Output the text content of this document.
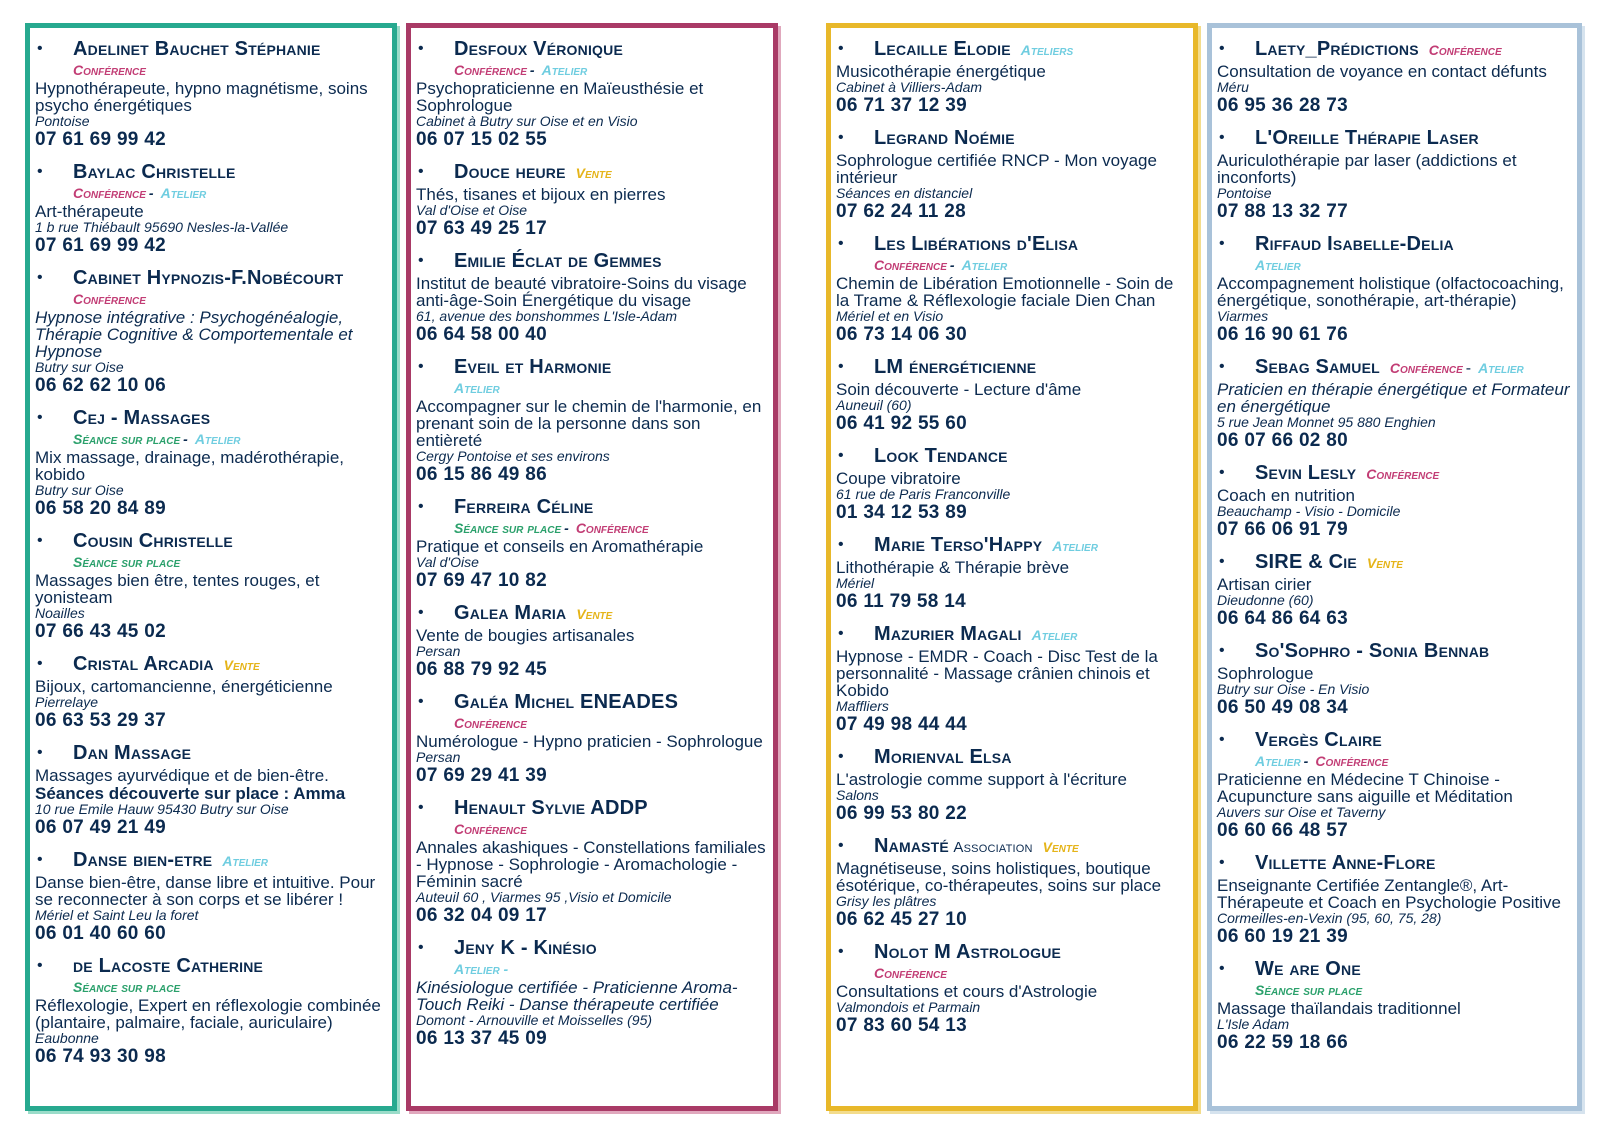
• Adelinet Bauchet Stéphanie
Conférence
Hypnothérapeute, hypno magnétisme, soins psycho énergétiques
Pontoise
07 61 69 99 42
• Baylac Christelle
Conférence - Atelier
Art-thérapeute
1 b rue Thiébault 95690 Nesles-la-Vallée
07 61 69 99 42
• Cabinet Hypnozis-F.Nobécourt
Conférence
Hypnose intégrative : Psychogénéalogie, Thérapie Cognitive & Comportementale et Hypnose
Butry sur Oise
06 62 62 10 06
• Cej - Massages
Séance sur place - Atelier
Mix massage, drainage, madérothérapie, kobido
Butry sur Oise
06 58 20 84 89
• Cousin Christelle
Séance sur place
Massages bien être, tentes rouges, et yonisteam
Noailles
07 66 43 45 02
• Cristal Arcadia Vente
Bijoux, cartomancienne, énergéticienne
Pierrelaye
06 63 53 29 37
• Dan Massage
Massages ayurvédique et de bien-être.
Séances découverte sur place : Amma
10 rue Emile Hauw 95430 Butry sur Oise
06 07 49 21 49
• Danse bien-etre Atelier
Danse bien-être, danse libre et intuitive. Pour se reconnecter à son corps et se libérer !
Mériel et Saint Leu la foret
06 01 40 60 60
• de Lacoste Catherine
Séance sur place
Réflexologie, Expert en réflexologie combinée (plantaire, palmaire, faciale, auriculaire)
Eaubonne
06 74 93 30 98
• Desfoux Véronique
Conférence - Atelier
Psychopraticienne en Maïeusthésie et Sophrologue
Cabinet à Butry sur Oise et en Visio
06 07 15 02 55
• Douce heure Vente
Thés, tisanes et bijoux en pierres
Val d'Oise et Oise
07 63 49 25 17
• Emilie Éclat de Gemmes
Institut de beauté vibratoire-Soins du visage anti-âge-Soin Énergétique du visage
61, avenue des bonshommes L'Isle-Adam
06 64 58 00 40
• Eveil et Harmonie
Atelier
Accompagner sur le chemin de l'harmonie, en prenant soin de la personne dans son entièreté
Cergy Pontoise et ses environs
06 15 86 49 86
• Ferreira Céline
Séance sur place - Conférence
Pratique et conseils en Aromathérapie
Val d'Oise
07 69 47 10 82
• Galea Maria Vente
Vente de bougies artisanales
Persan
06 88 79 92 45
• Galéa Michel ENEADES
Conférence
Numérologue - Hypno praticien - Sophrologue
Persan
07 69 29 41 39
• Henault Sylvie ADDP
Conférence
Annales akashiques - Constellations familiales - Hypnose - Sophrologie - Aromachologie - Féminin sacré
Auteuil 60 , Viarmes 95 ,Visio et Domicile
06 32 04 09 17
• Jeny K - Kinésio
Atelier -
Kinésiologue certifiée - Praticienne Aroma-Touch Reiki - Danse thérapeute certifiée
Domont - Arnouville et Moisselles (95)
06 13 37 45 09
• Lecaille Elodie Ateliers
Musicothérapie énergétique
Cabinet à Villiers-Adam
06 71 37 12 39
• Legrand Noémie
Sophrologue certifiée RNCP - Mon voyage intérieur
Séances en distanciel
07 62 24 11 28
• Les Libérations d'Elisa
Conférence - Atelier
Chemin de Libération Emotionnelle - Soin de la Trame & Réflexologie faciale Dien Chan
Mériel et en Visio
06 73 14 06 30
• LM énergéticienne
Soin découverte - Lecture d'âme
Auneuil (60)
06 41 92 55 60
• Look Tendance
Coupe vibratoire
61 rue de Paris Franconville
01 34 12 53 89
• Marie Terso'Happy Atelier
Lithothérapie & Thérapie brève
Mériel
06 11 79 58 14
• Mazurier Magali Atelier
Hypnose - EMDR - Coach - Disc Test de la personnalité - Massage crânien chinois et Kobido
Maffliers
07 49 98 44 44
• Morienval Elsa
L'astrologie comme support à l'écriture
Salons
06 99 53 80 22
• Namasté Association Vente
Magnétiseuse, soins holistiques, boutique ésotérique, co-thérapeutes, soins sur place
Grisy les plâtres
06 62 45 27 10
• Nolot M Astrologue
Conférence
Consultations et cours d'Astrologie
Valmondois et Parmain
07 83 60 54 13
• Laety_Prédictions Conférence
Consultation de voyance en contact défunts
Méru
06 95 36 28 73
• L'Oreille Thérapie Laser
Auriculothérapie par laser (addictions et inconforts)
Pontoise
07 88 13 32 77
• Riffaud Isabelle-Delia
Atelier
Accompagnement holistique (olfactocoaching, énergétique, sonothérapie, art-thérapie)
Viarmes
06 16 90 61 76
• Sebag Samuel Conférence - Atelier
Praticien en thérapie énergétique et Formateur en énergétique
5 rue Jean Monnet 95 880 Enghien
06 07 66 02 80
• Sevin Lesly Conférence
Coach en nutrition
Beauchamp - Visio - Domicile
07 66 06 91 79
• SIRE & Cie Vente
Artisan cirier
Dieudonne (60)
06 64 86 64 63
• So'Sophro - Sonia Bennab
Sophrologue
Butry sur Oise - En Visio
06 50 49 08 34
• Vergès Claire
Atelier - Conférence
Praticienne en Médecine T Chinoise - Acupuncture sans aiguille et Méditation
Auvers sur Oise et Taverny
06 60 66 48 57
• Villette Anne-Flore
Enseignante Certifiée Zentangle®, Art-Thérapeute et Coach en Psychologie Positive
Cormeilles-en-Vexin (95, 60, 75, 28)
06 60 19 21 39
• We are One
Séance sur place
Massage thaïlandais traditionnel
L'Isle Adam
06 22 59 18 66
